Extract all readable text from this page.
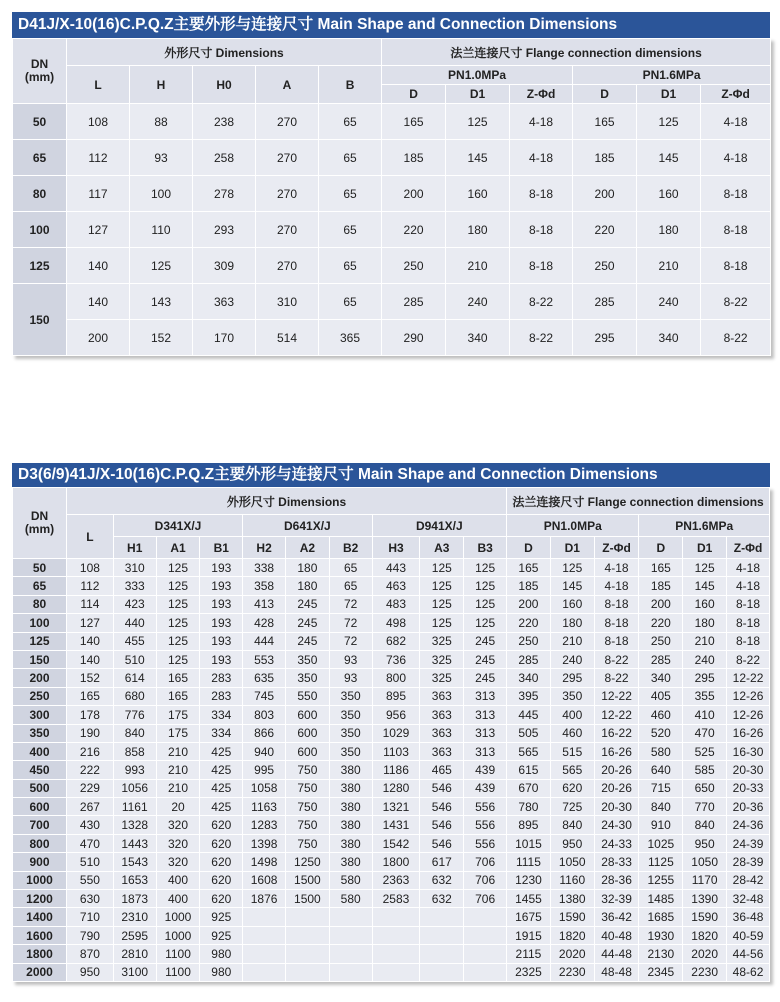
D41J/X-10(16)C.P.Q.Z主要外形与连接尺寸 Main Shape and Connection Dimensions
DN
(mm)	外形尺寸 Dimensions					法兰连接尺寸 Flange connection dimensions					
	L	H	H0	A	B	PN1.0MPa			PN1.6MPa		
						D	D1	Z-Φd	D	D1	Z-Φd
50	108	88	238	270	65	165	125	4-18	165	125	4-18
65	112	93	258	270	65	185	145	4-18	185	145	4-18
80	117	100	278	270	65	200	160	8-18	200	160	8-18
100	127	110	293	270	65	220	180	8-18	220	180	8-18
125	140	125	309	270	65	250	210	8-18	250	210	8-18
150	140	143	363	310	65	285	240	8-22	285	240	8-22
	200	152	170	514	365	290	340	8-22	295	340	8-22
D3(6/9)41J/X-10(16)C.P.Q.Z主要外形与连接尺寸 Main Shape and Connection Dimensions
DN
(mm)	外形尺寸 Dimensions										法兰连接尺寸 Flange connection dimensions					
	L	D341X/J			D641X/J			D941X/J			PN1.0MPa			PN1.6MPa		
		H1	A1	B1	H2	A2	B2	H3	A3	B3	D	D1	Z-Φd	D	D1	Z-Φd
50	108	310	125	193	338	180	65	443	125	125	165	125	4-18	165	125	4-18
65	112	333	125	193	358	180	65	463	125	125	185	145	4-18	185	145	4-18
80	114	423	125	193	413	245	72	483	125	125	200	160	8-18	200	160	8-18
100	127	440	125	193	428	245	72	498	125	125	220	180	8-18	220	180	8-18
125	140	455	125	193	444	245	72	682	325	245	250	210	8-18	250	210	8-18
150	140	510	125	193	553	350	93	736	325	245	285	240	8-22	285	240	8-22
200	152	614	165	283	635	350	93	800	325	245	340	295	8-22	340	295	12-22
250	165	680	165	283	745	550	350	895	363	313	395	350	12-22	405	355	12-26
300	178	776	175	334	803	600	350	956	363	313	445	400	12-22	460	410	12-26
350	190	840	175	334	866	600	350	1029	363	313	505	460	16-22	520	470	16-26
400	216	858	210	425	940	600	350	1103	363	313	565	515	16-26	580	525	16-30
450	222	993	210	425	995	750	380	1186	465	439	615	565	20-26	640	585	20-30
500	229	1056	210	425	1058	750	380	1280	546	439	670	620	20-26	715	650	20-33
600	267	1161	20	425	1163	750	380	1321	546	556	780	725	20-30	840	770	20-36
700	430	1328	320	620	1283	750	380	1431	546	556	895	840	24-30	910	840	24-36
800	470	1443	320	620	1398	750	380	1542	546	556	1015	950	24-33	1025	950	24-39
900	510	1543	320	620	1498	1250	380	1800	617	706	1115	1050	28-33	1125	1050	28-39
1000	550	1653	400	620	1608	1500	580	2363	632	706	1230	1160	28-36	1255	1170	28-42
1200	630	1873	400	620	1876	1500	580	2583	632	706	1455	1380	32-39	1485	1390	32-48
1400	710	2310	1000	925							1675	1590	36-42	1685	1590	36-48
1600	790	2595	1000	925							1915	1820	40-48	1930	1820	40-59
1800	870	2810	1100	980							2115	2020	44-48	2130	2020	44-56
2000	950	3100	1100	980							2325	2230	48-48	2345	2230	48-62
